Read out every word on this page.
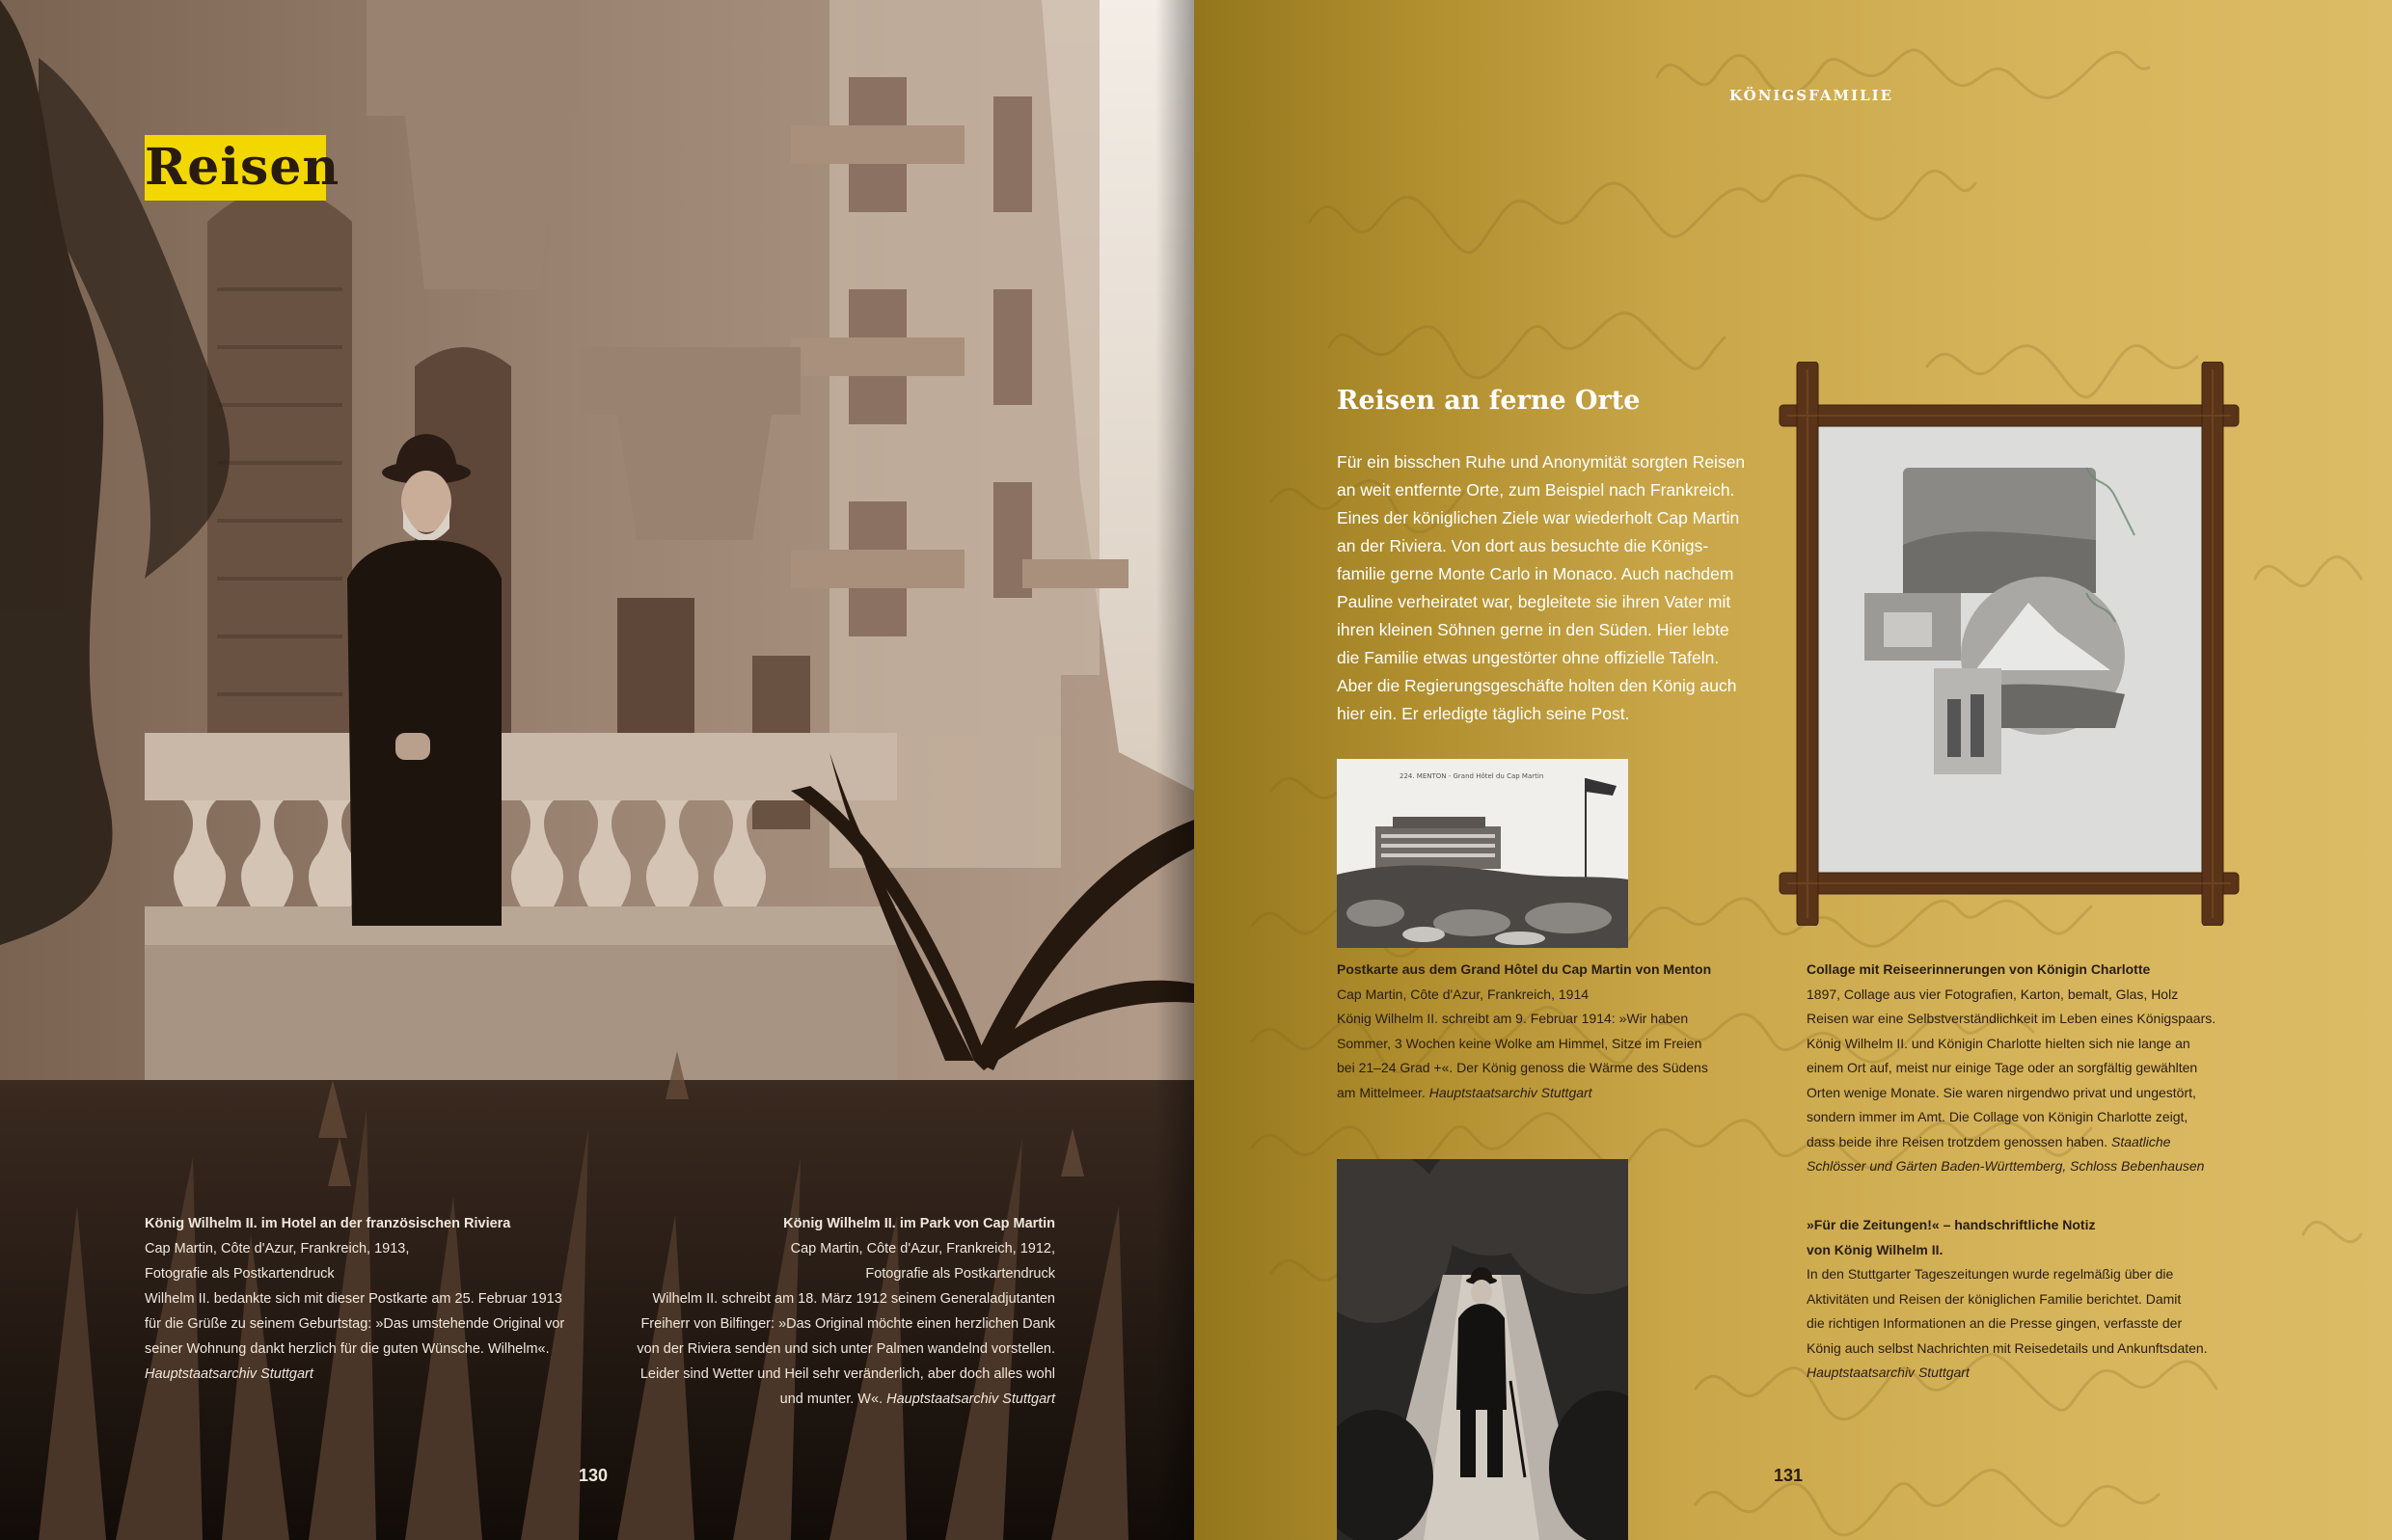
Reisen
König Wilhelm II. im Hotel an der französischen Riviera
Cap Martin, Côte d'Azur, Frankreich, 1913,
Fotografie als Postkartendruck
Wilhelm II. bedankte sich mit dieser Postkarte am 25. Februar 1913
für die Grüße zu seinem Geburtstag: »Das umstehende Original vor
seiner Wohnung dankt herzlich für die guten Wünsche. Wilhelm«.
Hauptstaatsarchiv Stuttgart
König Wilhelm II. im Park von Cap Martin
Cap Martin, Côte d'Azur, Frankreich, 1912,
Fotografie als Postkartendruck
Wilhelm II. schreibt am 18. März 1912 seinem Generaladjutanten
Freiherr von Bilfinger: »Das Original möchte einen herzlichen Dank
von der Riviera senden und sich unter Palmen wandelnd vorstellen.
Leider sind Wetter und Heil sehr veränderlich, aber doch alles wohl
und munter. W«. Hauptstaatsarchiv Stuttgart
130
KÖNIGSFAMILIE
Reisen an ferne Orte
Für ein bisschen Ruhe und Anonymität sorgten Reisen
an weit entfernte Orte, zum Beispiel nach Frankreich.
Eines der königlichen Ziele war wiederholt Cap Martin
an der Riviera. Von dort aus besuchte die Königs-
familie gerne Monte Carlo in Monaco. Auch nachdem
Pauline verheiratet war, begleitete sie ihren Vater mit
ihren kleinen Söhnen gerne in den Süden. Hier lebte
die Familie etwas ungestörter ohne offizielle Tafeln.
Aber die Regierungsgeschäfte holten den König auch
hier ein. Er erledigte täglich seine Post.
224. MENTON - Grand Hôtel du Cap Martin
Postkarte aus dem Grand Hôtel du Cap Martin von Menton
Cap Martin, Côte d'Azur, Frankreich, 1914
König Wilhelm II. schreibt am 9. Februar 1914: »Wir haben
Sommer, 3 Wochen keine Wolke am Himmel, Sitze im Freien
bei 21–24 Grad +«. Der König genoss die Wärme des Südens
am Mittelmeer. Hauptstaatsarchiv Stuttgart
Collage mit Reiseerinnerungen von Königin Charlotte
1897, Collage aus vier Fotografien, Karton, bemalt, Glas, Holz
Reisen war eine Selbstverständlichkeit im Leben eines Königspaars.
König Wilhelm II. und Königin Charlotte hielten sich nie lange an
einem Ort auf, meist nur einige Tage oder an sorgfältig gewählten
Orten wenige Monate. Sie waren nirgendwo privat und ungestört,
sondern immer im Amt. Die Collage von Königin Charlotte zeigt,
dass beide ihre Reisen trotzdem genossen haben. Staatliche
Schlösser und Gärten Baden-Württemberg, Schloss Bebenhausen
»Für die Zeitungen!« – handschriftliche Notiz
von König Wilhelm II.
In den Stuttgarter Tageszeitungen wurde regelmäßig über die
Aktivitäten und Reisen der königlichen Familie berichtet. Damit
die richtigen Informationen an die Presse gingen, verfasste der
König auch selbst Nachrichten mit Reisedetails und Ankunftsdaten.
Hauptstaatsarchiv Stuttgart
131
